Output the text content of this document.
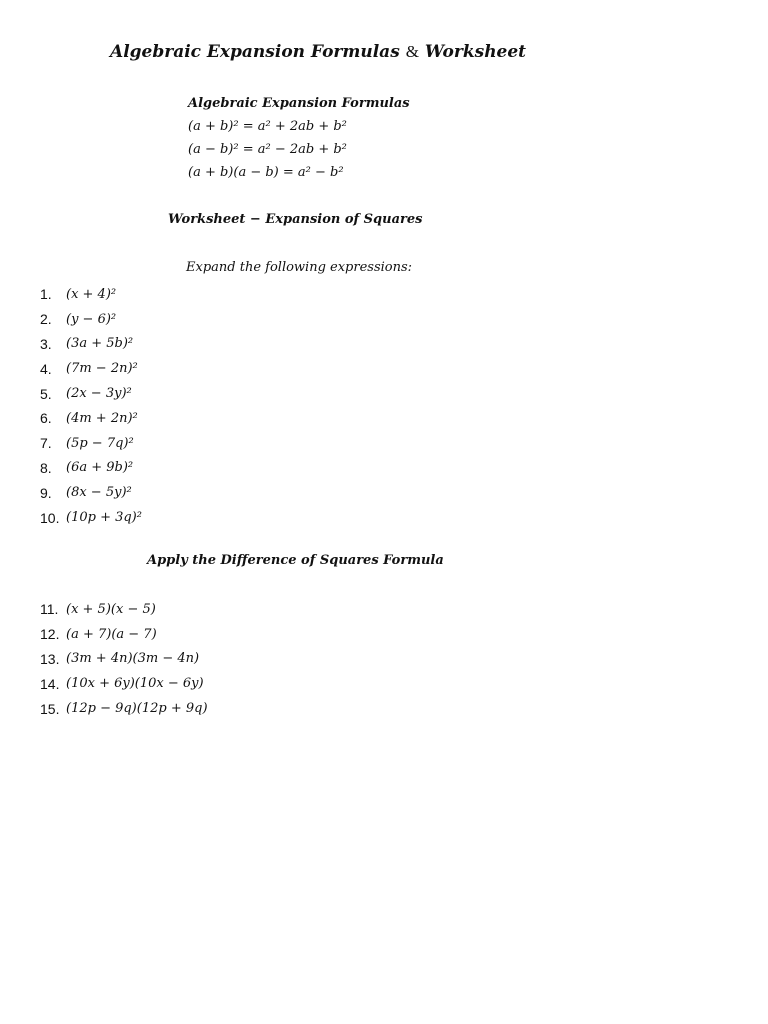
Algebraic Expansion Formulas & Worksheet
Algebraic Expansion Formulas
(a + b)² = a² + 2ab + b²
(a − b)² = a² − 2ab + b²
(a + b)(a − b) = a² − b²
Worksheet − Expansion of Squares
Expand the following expressions:
1.	(x + 4)²
2.	(y − 6)²
3.	(3a + 5b)²
4.	(7m − 2n)²
5.	(2x − 3y)²
6.	(4m + 2n)²
7.	(5p − 7q)²
8.	(6a + 9b)²
9.	(8x − 5y)²
10. (10p + 3q)²
Apply the Difference of Squares Formula
11. (x + 5)(x − 5)
12. (a + 7)(a − 7)
13. (3m + 4n)(3m − 4n)
14. (10x + 6y)(10x − 6y)
15. (12p − 9q)(12p + 9q)
